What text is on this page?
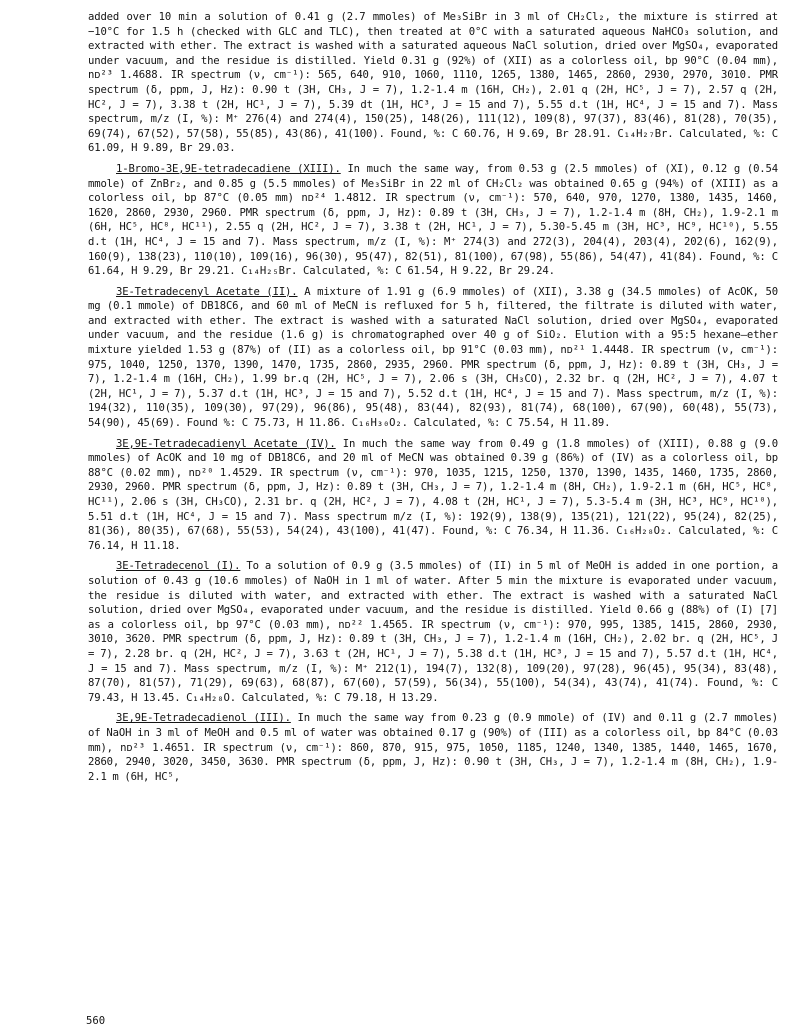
added over 10 min a solution of 0.41 g (2.7 mmoles) of Me₃SiBr in 3 ml of CH₂Cl₂, the mixture is stirred at −10°C for 1.5 h (checked with GLC and TLC), then treated at 0°C with a saturated aqueous NaHCO₃ solution, and extracted with ether. The extract is washed with a saturated aqueous NaCl solution, dried over MgSO₄, evaporated under vacuum, and the residue is distilled. Yield 0.31 g (92%) of (XII) as a colorless oil, bp 90°C (0.04 mm), nᴅ²³ 1.4688. IR spectrum (ν, cm⁻¹): 565, 640, 910, 1060, 1110, 1265, 1380, 1465, 2860, 2930, 2970, 3010. PMR spectrum (δ, ppm, J, Hz): 0.90 t (3H, CH₃, J = 7), 1.2-1.4 m (16H, CH₂), 2.01 q (2H, HC⁵, J = 7), 2.57 q (2H, HC², J = 7), 3.38 t (2H, HC¹, J = 7), 5.39 dt (1H, HC³, J = 15 and 7), 5.55 d.t (1H, HC⁴, J = 15 and 7). Mass spectrum, m/z (I, %): M⁺ 276(4) and 274(4), 150(25), 148(26), 111(12), 109(8), 97(37), 83(46), 81(28), 70(35), 69(74), 67(52), 57(58), 55(85), 43(86), 41(100). Found, %: C 60.76, H 9.69, Br 28.91. C₁₄H₂₇Br. Calculated, %: C 61.09, H 9.89, Br 29.03.

1-Bromo-3E,9E-tetradecadiene (XIII). In much the same way, from 0.53 g (2.5 mmoles) of (XI), 0.12 g (0.54 mmole) of ZnBr₂, and 0.85 g (5.5 mmoles) of Me₃SiBr in 22 ml of CH₂Cl₂ was obtained 0.65 g (94%) of (XIII) as a colorless oil, bp 87°C (0.05 mm) nᴅ²⁴ 1.4812. IR spectrum (ν, cm⁻¹): 570, 640, 970, 1270, 1380, 1435, 1460, 1620, 2860, 2930, 2960. PMR spectrum (δ, ppm, J, Hz): 0.89 t (3H, CH₃, J = 7), 1.2-1.4 m (8H, CH₂), 1.9-2.1 m (6H, HC⁵, HC⁸, HC¹¹), 2.55 q (2H, HC², J = 7), 3.38 t (2H, HC¹, J = 7), 5.30-5.45 m (3H, HC³, HC⁹, HC¹⁰), 5.55 d.t (1H, HC⁴, J = 15 and 7). Mass spectrum, m/z (I, %): M⁺ 274(3) and 272(3), 204(4), 203(4), 202(6), 162(9), 160(9), 138(23), 110(10), 109(16), 96(30), 95(47), 82(51), 81(100), 67(98), 55(86), 54(47), 41(84). Found, %: C 61.64, H 9.29, Br 29.21. C₁₄H₂₅Br. Calculated, %: C 61.54, H 9.22, Br 29.24.

3E-Tetradecenyl Acetate (II). A mixture of 1.91 g (6.9 mmoles) of (XII), 3.38 g (34.5 mmoles) of AcOK, 50 mg (0.1 mmole) of DB18C6, and 60 ml of MeCN is refluxed for 5 h, filtered, the filtrate is diluted with water, and extracted with ether. The extract is washed with a saturated NaCl solution, dried over MgSO₄, evaporated under vacuum, and the residue (1.6 g) is chromatographed over 40 g of SiO₂. Elution with a 95:5 hexane—ether mixture yielded 1.53 g (87%) of (II) as a colorless oil, bp 91°C (0.03 mm), nᴅ²¹ 1.4448. IR spectrum (ν, cm⁻¹): 975, 1040, 1250, 1370, 1390, 1470, 1735, 2860, 2935, 2960. PMR spectrum (δ, ppm, J, Hz): 0.89 t (3H, CH₃, J = 7), 1.2-1.4 m (16H, CH₂), 1.99 br.q (2H, HC⁵, J = 7), 2.06 s (3H, CH₃CO), 2.32 br. q (2H, HC², J = 7), 4.07 t (2H, HC¹, J = 7), 5.37 d.t (1H, HC³, J = 15 and 7), 5.52 d.t (1H, HC⁴, J = 15 and 7). Mass spectrum, m/z (I, %): 194(32), 110(35), 109(30), 97(29), 96(86), 95(48), 83(44), 82(93), 81(74), 68(100), 67(90), 60(48), 55(73), 54(90), 45(69). Found %: C 75.73, H 11.86. C₁₆H₃₀O₂. Calculated, %: C 75.54, H 11.89.

3E,9E-Tetradecadienyl Acetate (IV). In much the same way from 0.49 g (1.8 mmoles) of (XIII), 0.88 g (9.0 mmoles) of AcOK and 10 mg of DB18C6, and 20 ml of MeCN was obtained 0.39 g (86%) of (IV) as a colorless oil, bp 88°C (0.02 mm), nᴅ²⁰ 1.4529. IR spectrum (ν, cm⁻¹): 970, 1035, 1215, 1250, 1370, 1390, 1435, 1460, 1735, 2860, 2930, 2960. PMR spectrum (δ, ppm, J, Hz): 0.89 t (3H, CH₃, J = 7), 1.2-1.4 m (8H, CH₂), 1.9-2.1 m (6H, HC⁵, HC⁸, HC¹¹), 2.06 s (3H, CH₃CO), 2.31 br. q (2H, HC², J = 7), 4.08 t (2H, HC¹, J = 7), 5.3-5.4 m (3H, HC³, HC⁹, HC¹⁰), 5.51 d.t (1H, HC⁴, J = 15 and 7). Mass spectrum m/z (I, %): 192(9), 138(9), 135(21), 121(22), 95(24), 82(25), 81(36), 80(35), 67(68), 55(53), 54(24), 43(100), 41(47). Found, %: C 76.34, H 11.36. C₁₆H₂₈O₂. Calculated, %: C 76.14, H 11.18.

3E-Tetradecenol (I). To a solution of 0.9 g (3.5 mmoles) of (II) in 5 ml of MeOH is added in one portion, a solution of 0.43 g (10.6 mmoles) of NaOH in 1 ml of water. After 5 min the mixture is evaporated under vacuum, the residue is diluted with water, and extracted with ether. The extract is washed with a saturated NaCl solution, dried over MgSO₄, evaporated under vacuum, and the residue is distilled. Yield 0.66 g (88%) of (I) [7] as a colorless oil, bp 97°C (0.03 mm), nᴅ²² 1.4565. IR spectrum (ν, cm⁻¹): 970, 995, 1385, 1415, 2860, 2930, 3010, 3620. PMR spectrum (δ, ppm, J, Hz): 0.89 t (3H, CH₃, J = 7), 1.2-1.4 m (16H, CH₂), 2.02 br. q (2H, HC⁵, J = 7), 2.28 br. q (2H, HC², J = 7), 3.63 t (2H, HC¹, J = 7), 5.38 d.t (1H, HC³, J = 15 and 7), 5.57 d.t (1H, HC⁴, J = 15 and 7). Mass spectrum, m/z (I, %): M⁺ 212(1), 194(7), 132(8), 109(20), 97(28), 96(45), 95(34), 83(48), 87(70), 81(57), 71(29), 69(63), 68(87), 67(60), 57(59), 56(34), 55(100), 54(34), 43(74), 41(74). Found, %: C 79.43, H 13.45. C₁₄H₂₈O. Calculated, %: C 79.18, H 13.29.

3E,9E-Tetradecadienol (III). In much the same way from 0.23 g (0.9 mmole) of (IV) and 0.11 g (2.7 mmoles) of NaOH in 3 ml of MeOH and 0.5 ml of water was obtained 0.17 g (90%) of (III) as a colorless oil, bp 84°C (0.03 mm), nᴅ²³ 1.4651. IR spectrum (ν, cm⁻¹): 860, 870, 915, 975, 1050, 1185, 1240, 1340, 1385, 1440, 1465, 1670, 2860, 2940, 3020, 3450, 3630. PMR spectrum (δ, ppm, J, Hz): 0.90 t (3H, CH₃, J = 7), 1.2-1.4 m (8H, CH₂), 1.9-2.1 m (6H, HC⁵,

560
